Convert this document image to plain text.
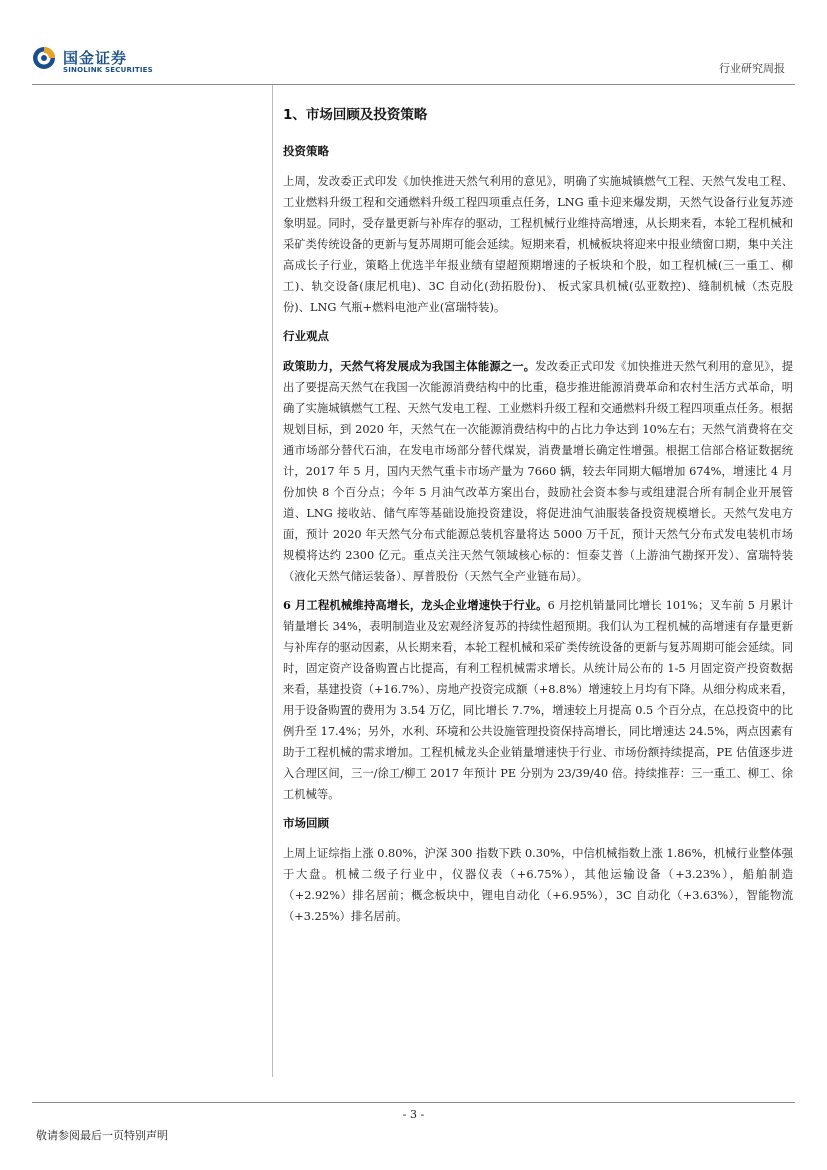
国金证券
SINOLINK SECURITIES	行业研究周报
1、市场回顾及投资策略
投资策略

上周，发改委正式印发《加快推进天然气利用的意见》，明确了实施城镇燃气工程、天然气发电工程、工业燃料升级工程和交通燃料升级工程四项重点任务，LNG 重卡迎来爆发期，天然气设备行业复苏迹象明显。同时，受存量更新与补库存的驱动，工程机械行业维持高增速，从长期来看，本轮工程机械和采矿类传统设备的更新与复苏周期可能会延续。短期来看，机械板块将迎来中报业绩窗口期，集中关注高成长子行业，策略上优选半年报业绩有望超预期增速的子板块和个股，如工程机械(三一重工、柳工)、轨交设备(康尼机电)、3C 自动化(劲拓股份)、 板式家具机械(弘亚数控)、缝制机械（杰克股份)、LNG 气瓶+燃料电池产业(富瑞特装)。

行业观点

政策助力，天然气将发展成为我国主体能源之一。发改委正式印发《加快推进天然气利用的意见》，提出了要提高天然气在我国一次能源消费结构中的比重，稳步推进能源消费革命和农村生活方式革命，明确了实施城镇燃气工程、天然气发电工程、工业燃料升级工程和交通燃料升级工程四项重点任务。根据规划目标，到 2020 年，天然气在一次能源消费结构中的占比力争达到 10%左右；天然气消费将在交通市场部分替代石油，在发电市场部分替代煤炭，消费量增长确定性增强。根据工信部合格证数据统计，2017 年 5 月，国内天然气重卡市场产量为 7660 辆，较去年同期大幅增加 674%，增速比 4 月份加快 8 个百分点；今年 5 月油气改革方案出台，鼓励社会资本参与或组建混合所有制企业开展管道、LNG 接收站、储气库等基础设施投资建设，将促进油气油服装备投资规模增长。天然气发电方面，预计 2020 年天然气分布式能源总装机容量将达 5000 万千瓦，预计天然气分布式发电装机市场规模将达约 2300 亿元。重点关注天然气领域核心标的：恒泰艾普（上游油气勘探开发）、富瑞特装（液化天然气储运装备）、厚普股份（天然气全产业链布局）。

6 月工程机械维持高增长，龙头企业增速快于行业。6 月挖机销量同比增长 101%；叉车前 5 月累计销量增长 34%，表明制造业及宏观经济复苏的持续性超预期。我们认为工程机械的高增速有存量更新与补库存的驱动因素，从长期来看，本轮工程机械和采矿类传统设备的更新与复苏周期可能会延续。同时，固定资产设备购置占比提高，有利工程机械需求增长。从统计局公布的 1-5 月固定资产投资数据来看，基建投资（+16.7%）、房地产投资完成额（+8.8%）增速较上月均有下降。从细分构成来看，用于设备购置的费用为 3.54 万亿，同比增长 7.7%，增速较上月提高 0.5 个百分点，在总投资中的比例升至 17.4%；另外，水利、环境和公共设施管理投资保持高增长，同比增速达 24.5%，两点因素有助于工程机械的需求增加。工程机械龙头企业销量增速快于行业、市场份额持续提高，PE 估值逐步进入合理区间，三一/徐工/柳工 2017 年预计 PE 分别为 23/39/40 倍。持续推荐：三一重工、柳工、徐工机械等。

市场回顾

上周上证综指上涨 0.80%，沪深 300 指数下跌 0.30%，中信机械指数上涨 1.86%，机械行业整体强于大盘。机械二级子行业中，仪器仪表（+6.75%），其他运输设备（+3.23%），船舶制造（+2.92%）排名居前；概念板块中，锂电自动化（+6.95%），3C 自动化（+3.63%），智能物流（+3.25%）排名居前。

- 3 -
敬请参阅最后一页特别声明
